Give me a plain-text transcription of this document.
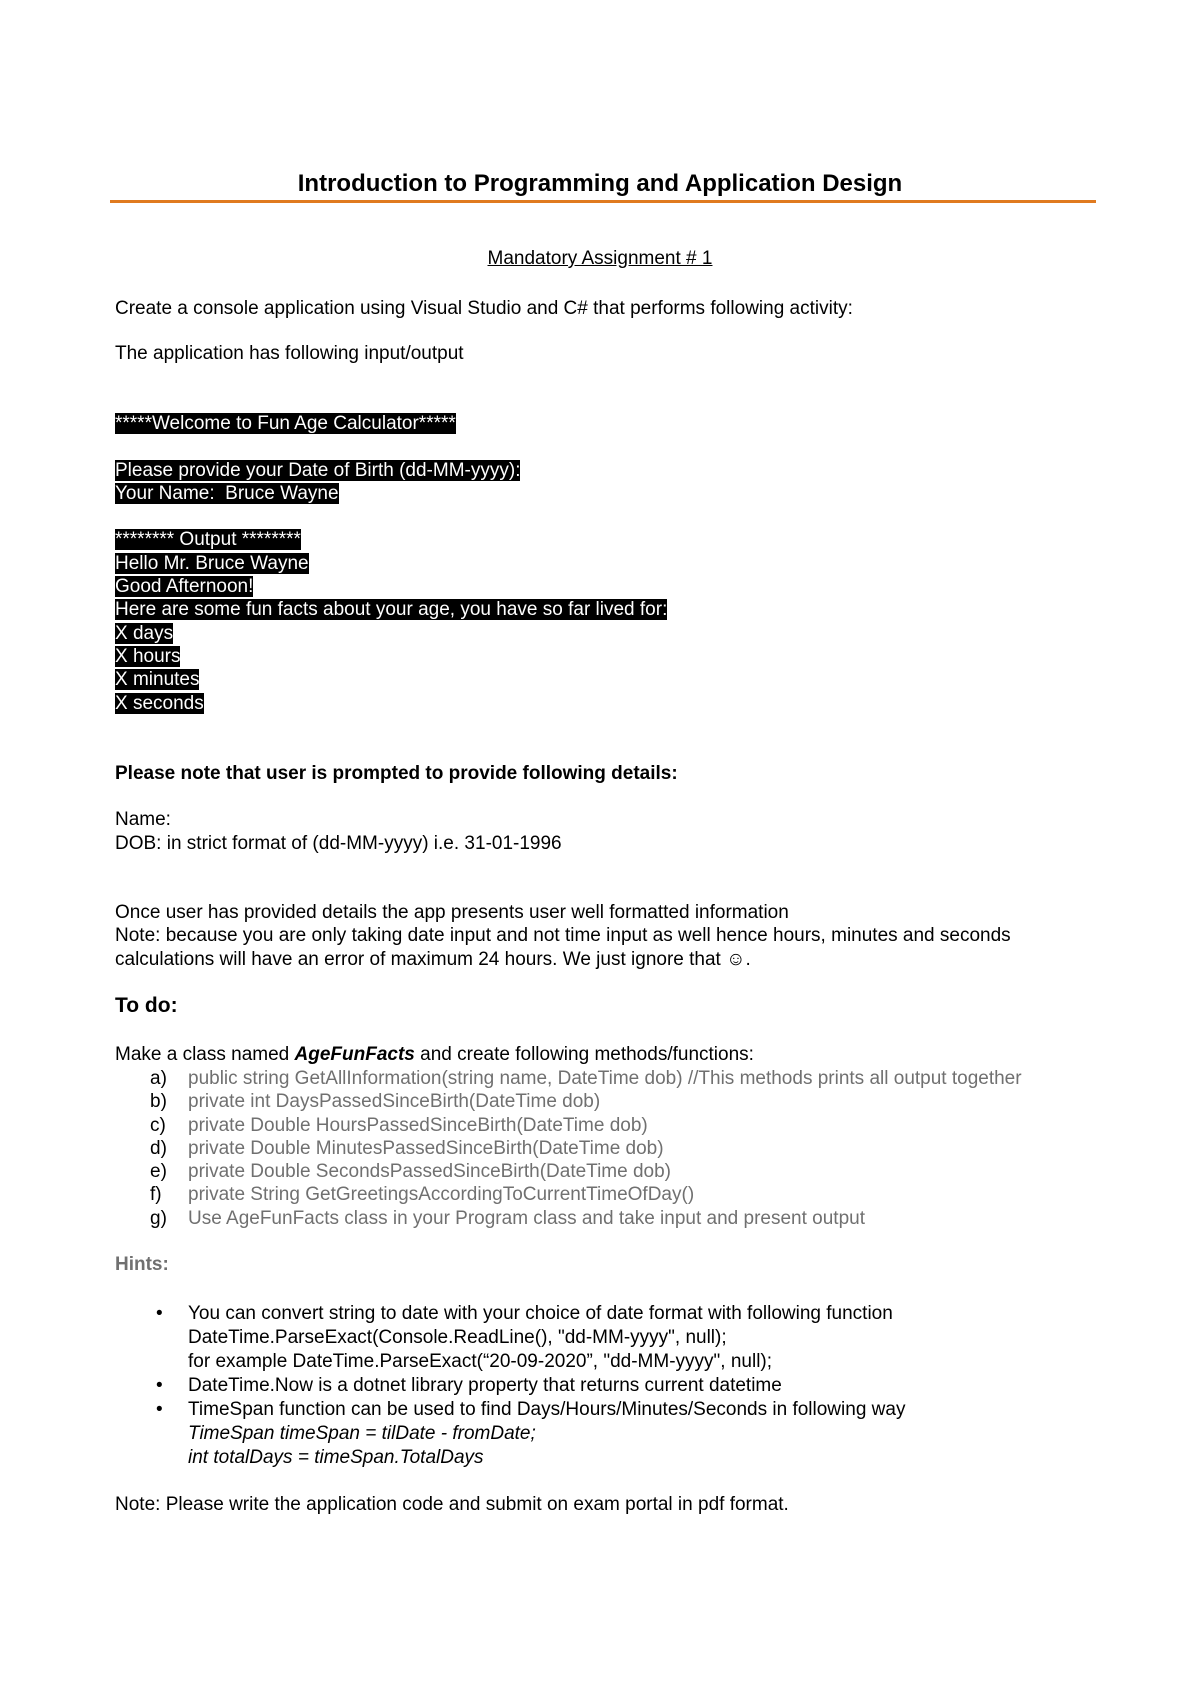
Introduction to Programming and Application Design
Mandatory Assignment # 1

Create a console application using Visual Studio and C# that performs following activity:

The application has following input/output

*****Welcome to Fun Age Calculator*****
Please provide your Date of Birth (dd-MM-yyyy):
Your Name:  Bruce Wayne
******** Output ********
Hello Mr. Bruce Wayne
Good Afternoon!
Here are some fun facts about your age, you have so far lived for:
X days
X hours
X minutes
X seconds

Please note that user is prompted to provide following details:

Name:

DOB: in strict format of (dd-MM-yyyy) i.e. 31-01-1996

Once user has provided details the app presents user well formatted information

Note: because you are only taking date input and not time input as well hence hours, minutes and seconds

calculations will have an error of maximum 24 hours. We just ignore that ☺.

To do:

Make a class named AgeFunFacts and create following methods/functions:

a)	public string GetAllInformation(string name, DateTime dob) //This methods prints all output together
b)	private int DaysPassedSinceBirth(DateTime dob)
c)	private Double HoursPassedSinceBirth(DateTime dob)
d)	private Double MinutesPassedSinceBirth(DateTime dob)
e)	private Double SecondsPassedSinceBirth(DateTime dob)
f)	private String GetGreetingsAccordingToCurrentTimeOfDay()
g)	Use AgeFunFacts class in your Program class and take input and present output
Hints:
•	You can convert string to date with your choice of date format with following function
DateTime.ParseExact(Console.ReadLine(), "dd-MM-yyyy", null);
for example DateTime.ParseExact(“20-09-2020”, "dd-MM-yyyy", null);
•	DateTime.Now is a dotnet library property that returns current datetime
•	TimeSpan function can be used to find Days/Hours/Minutes/Seconds in following way
TimeSpan timeSpan = tilDate - fromDate;
int totalDays = timeSpan.TotalDays

Note: Please write the application code and submit on exam portal in pdf format.
